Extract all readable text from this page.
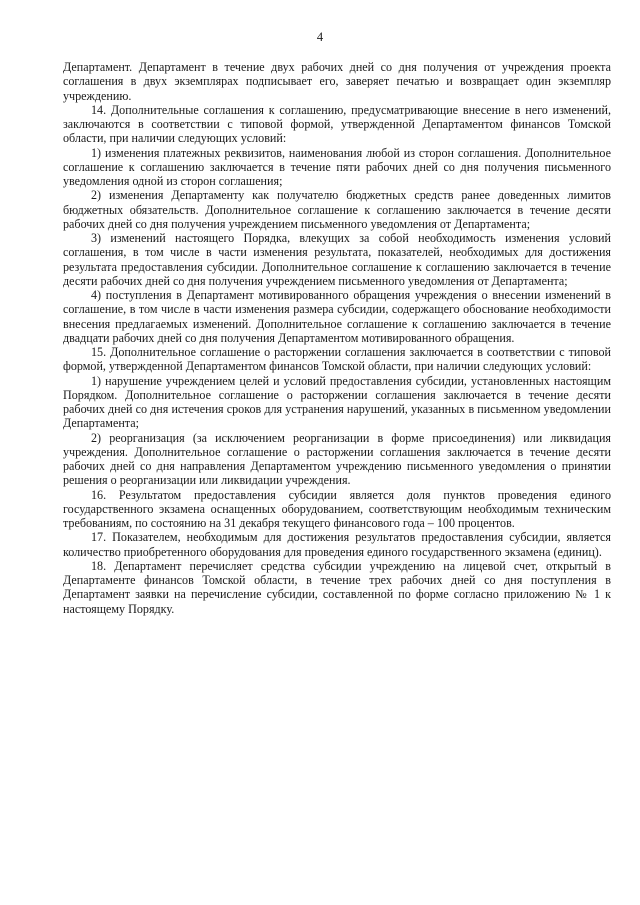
4

Департамент. Департамент в течение двух рабочих дней со дня получения от учреждения проекта соглашения в двух экземплярах подписывает его, заверяет печатью и возвращает один экземпляр учреждению.

14. Дополнительные соглашения к соглашению, предусматривающие внесение в него изменений, заключаются в соответствии с типовой формой, утвержденной Департаментом финансов Томской области, при наличии следующих условий:

1) изменения платежных реквизитов, наименования любой из сторон соглашения. Дополнительное соглашение к соглашению заключается в течение пяти рабочих дней со дня получения письменного уведомления одной из сторон соглашения;

2) изменения Департаменту как получателю бюджетных средств ранее доведенных лимитов бюджетных обязательств. Дополнительное соглашение к соглашению заключается в течение десяти рабочих дней со дня получения учреждением письменного уведомления от Департамента;

3) изменений настоящего Порядка, влекущих за собой необходимость изменения условий соглашения, в том числе в части изменения результата, показателей, необходимых для достижения результата предоставления субсидии. Дополнительное соглашение к соглашению заключается в течение десяти рабочих дней со дня получения учреждением письменного уведомления от Департамента;

4) поступления в Департамент мотивированного обращения учреждения о внесении изменений в соглашение, в том числе в части изменения размера субсидии, содержащего обоснование необходимости внесения предлагаемых изменений. Дополнительное соглашение к соглашению заключается в течение двадцати рабочих дней со дня получения Департаментом мотивированного обращения.

15. Дополнительное соглашение о расторжении соглашения заключается в соответствии с типовой формой, утвержденной Департаментом финансов Томской области, при наличии следующих условий:

1) нарушение учреждением целей и условий предоставления субсидии, установленных настоящим Порядком. Дополнительное соглашение о расторжении соглашения заключается в течение десяти рабочих дней со дня истечения сроков для устранения нарушений, указанных в письменном уведомлении Департамента;

2) реорганизация (за исключением реорганизации в форме присоединения) или ликвидация учреждения. Дополнительное соглашение о расторжении соглашения заключается в течение десяти рабочих дней со дня направления Департаментом учреждению письменного уведомления о принятии решения о реорганизации или ликвидации учреждения.

16. Результатом предоставления субсидии является доля пунктов проведения единого государственного экзамена оснащенных оборудованием, соответствующим необходимым техническим требованиям, по состоянию на 31 декабря текущего финансового года – 100 процентов.

17. Показателем, необходимым для достижения результатов предоставления субсидии, является количество приобретенного оборудования для проведения единого государственного экзамена (единиц).

18. Департамент перечисляет средства субсидии учреждению на лицевой счет, открытый в Департаменте финансов Томской области, в течение трех рабочих дней со дня поступления в Департамент заявки на перечисление субсидии, составленной по форме согласно приложению № 1 к настоящему Порядку.
